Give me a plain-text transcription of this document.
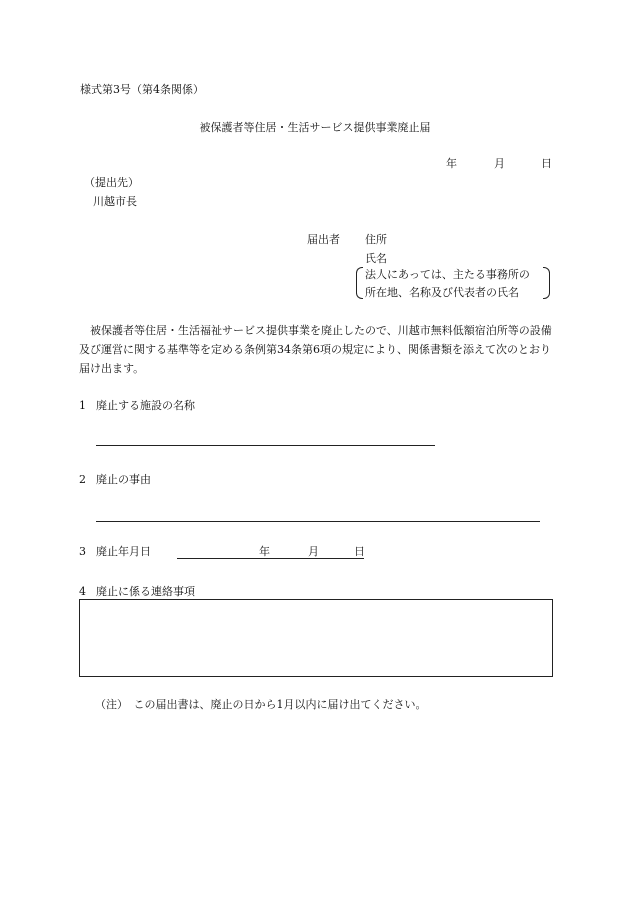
様式第3号（第4条関係）
被保護者等住居・生活サービス提供事業廃止届
年	月	日
（提出先）
川越市長
届出者 住所
氏名
法人にあっては、主たる事務所の
所在地、名称及び代表者の氏名
被保護者等住居・生活福祉サービス提供事業を廃止したので、川越市無料低額宿泊所等の設備及び運営に関する基準等を定める条例第34条第6項の規定により、関係書類を添えて次のとおり届け出ます。
1 廃止する施設の名称
2 廃止の事由
3 廃止年月日	年	月	日
4 廃止に係る連絡事項
（注）　この届出書は、廃止の日から1月以内に届け出てください。
